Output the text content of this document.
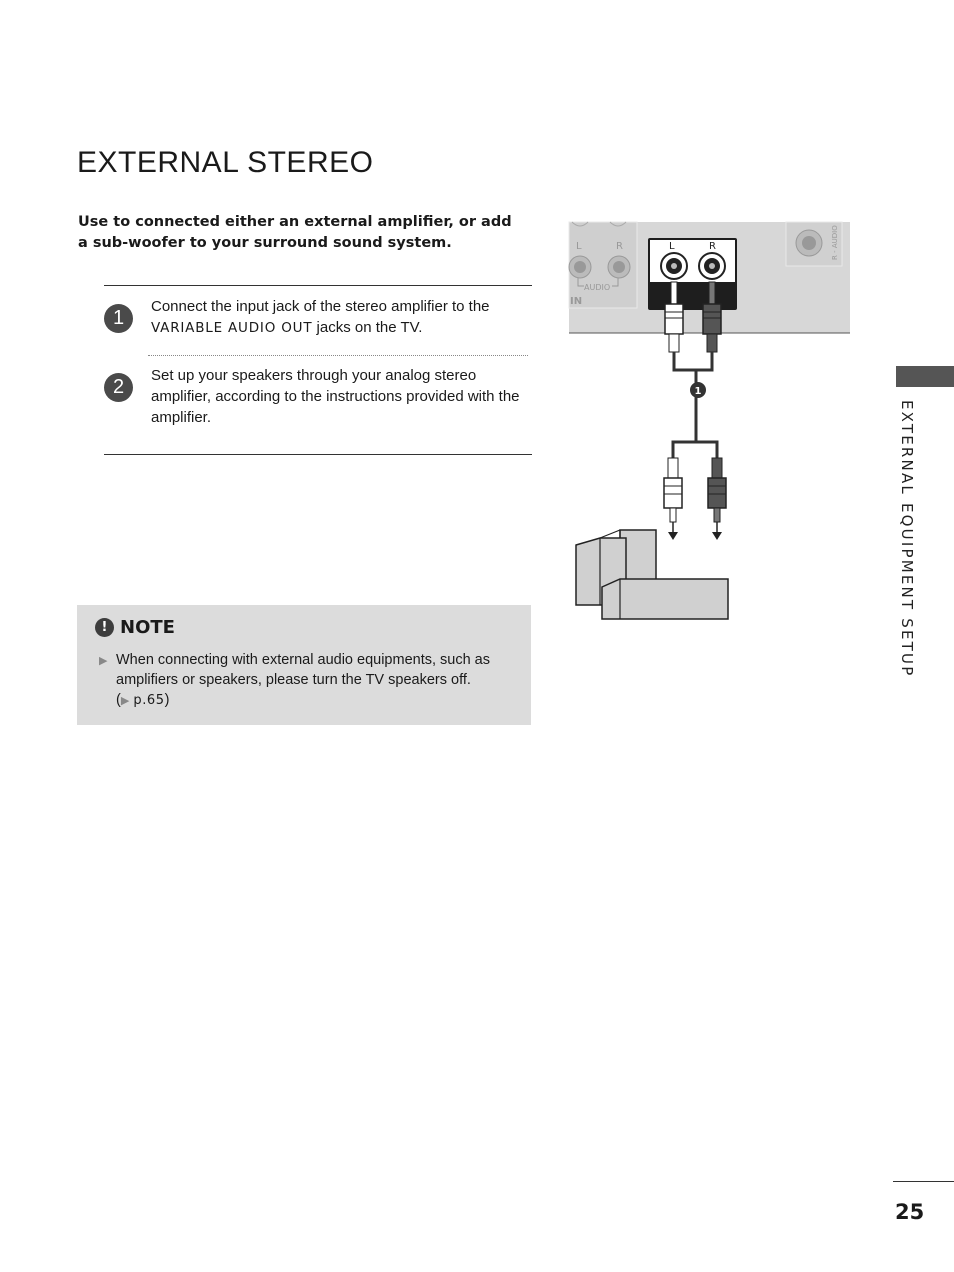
EXTERNAL STEREO

Use to connected either an external amplifier, or add a sub-woofer to your surround sound system.

1
Connect the input jack of the stereo amplifier to the VARIABLE AUDIO OUT jacks on the TV.
2
Set up your speakers through your analog stereo amplifier, according to the instructions provided with the amplifier.
! NOTE
▶ When connecting with external audio equipments, such as amplifiers or speakers, please turn the TV speakers off.
(▶ p.65)
L	R
AUDIO
IN
L	R	R - AUDIO
1
EXTERNAL EQUIPMENT SETUP
25
